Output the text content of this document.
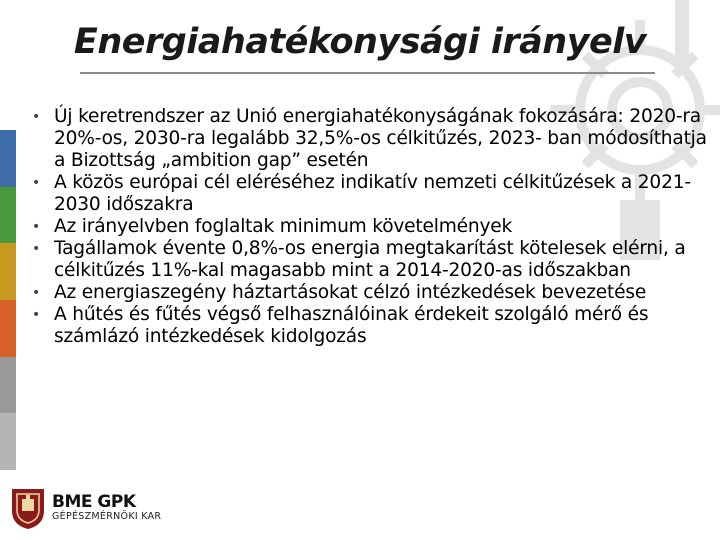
Energiahatékonysági irányelv
• Új keretrendszer az Unió energiahatékonyságának fokozására: 2020-ra 20%-os, 2030-ra legalább 32,5%-os célkitűzés, 2023- ban módosíthatja a Bizottság „ambition gap” esetén
• A közös európai cél eléréséhez indikatív nemzeti célkitűzések a 2021-2030 időszakra
• Az irányelvben foglaltak minimum követelmények
• Tagállamok évente 0,8%-os energia megtakarítást kötelesek elérni, a célkitűzés 11%-kal magasabb mint a 2014-2020-as időszakban
• Az energiaszegény háztartásokat célzó intézkedések bevezetése
• A hűtés és fűtés végső felhasználóinak érdekeit szolgáló mérő és számlázó intézkedések kidolgozás
BME GPK
GÉPÉSZMÉRNÖKI KAR
